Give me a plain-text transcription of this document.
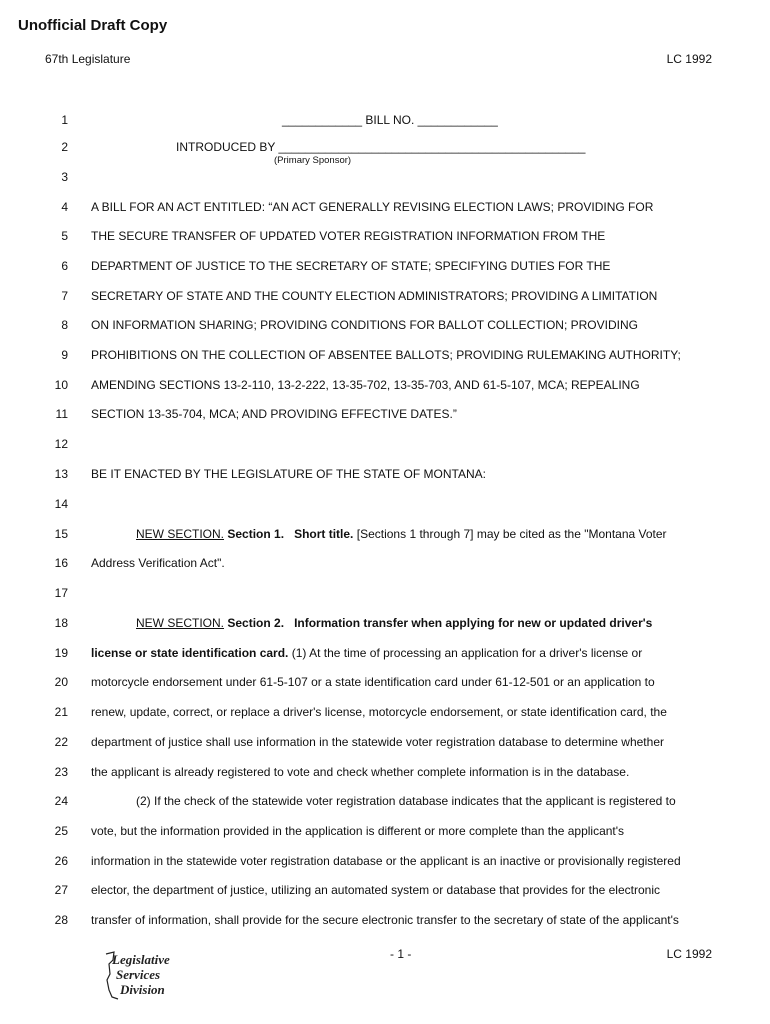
Unofficial Draft Copy
67th Legislature	LC 1992
1	____________ BILL NO. ____________
2	INTRODUCED BY ______________________________________________
(Primary Sponsor)
3
4 A BILL FOR AN ACT ENTITLED: “AN ACT GENERALLY REVISING ELECTION LAWS; PROVIDING FOR
5 THE SECURE TRANSFER OF UPDATED VOTER REGISTRATION INFORMATION FROM THE
6 DEPARTMENT OF JUSTICE TO THE SECRETARY OF STATE; SPECIFYING DUTIES FOR THE
7 SECRETARY OF STATE AND THE COUNTY ELECTION ADMINISTRATORS; PROVIDING A LIMITATION
8 ON INFORMATION SHARING; PROVIDING CONDITIONS FOR BALLOT COLLECTION; PROVIDING
9 PROHIBITIONS ON THE COLLECTION OF ABSENTEE BALLOTS; PROVIDING RULEMAKING AUTHORITY;
10 AMENDING SECTIONS 13-2-110, 13-2-222, 13-35-702, 13-35-703, AND 61-5-107, MCA; REPEALING
11 SECTION 13-35-704, MCA; AND PROVIDING EFFECTIVE DATES.”
12
13 BE IT ENACTED BY THE LEGISLATURE OF THE STATE OF MONTANA:
14
15	NEW SECTION. Section 1. Short title. [Sections 1 through 7] may be cited as the "Montana Voter
16 Address Verification Act".
17
18	NEW SECTION. Section 2. Information transfer when applying for new or updated driver's
19 license or state identification card. (1) At the time of processing an application for a driver's license or
20 motorcycle endorsement under 61-5-107 or a state identification card under 61-12-501 or an application to
21 renew, update, correct, or replace a driver's license, motorcycle endorsement, or state identification card, the
22 department of justice shall use information in the statewide voter registration database to determine whether
23 the applicant is already registered to vote and check whether complete information is in the database.
24	(2) If the check of the statewide voter registration database indicates that the applicant is registered to
25 vote, but the information provided in the application is different or more complete than the applicant's
26 information in the statewide voter registration database or the applicant is an inactive or provisionally registered
27 elector, the department of justice, utilizing an automated system or database that provides for the electronic
28 transfer of information, shall provide for the secure electronic transfer to the secretary of state of the applicant's
Legislative
Services
Division
- 1 -	LC 1992
